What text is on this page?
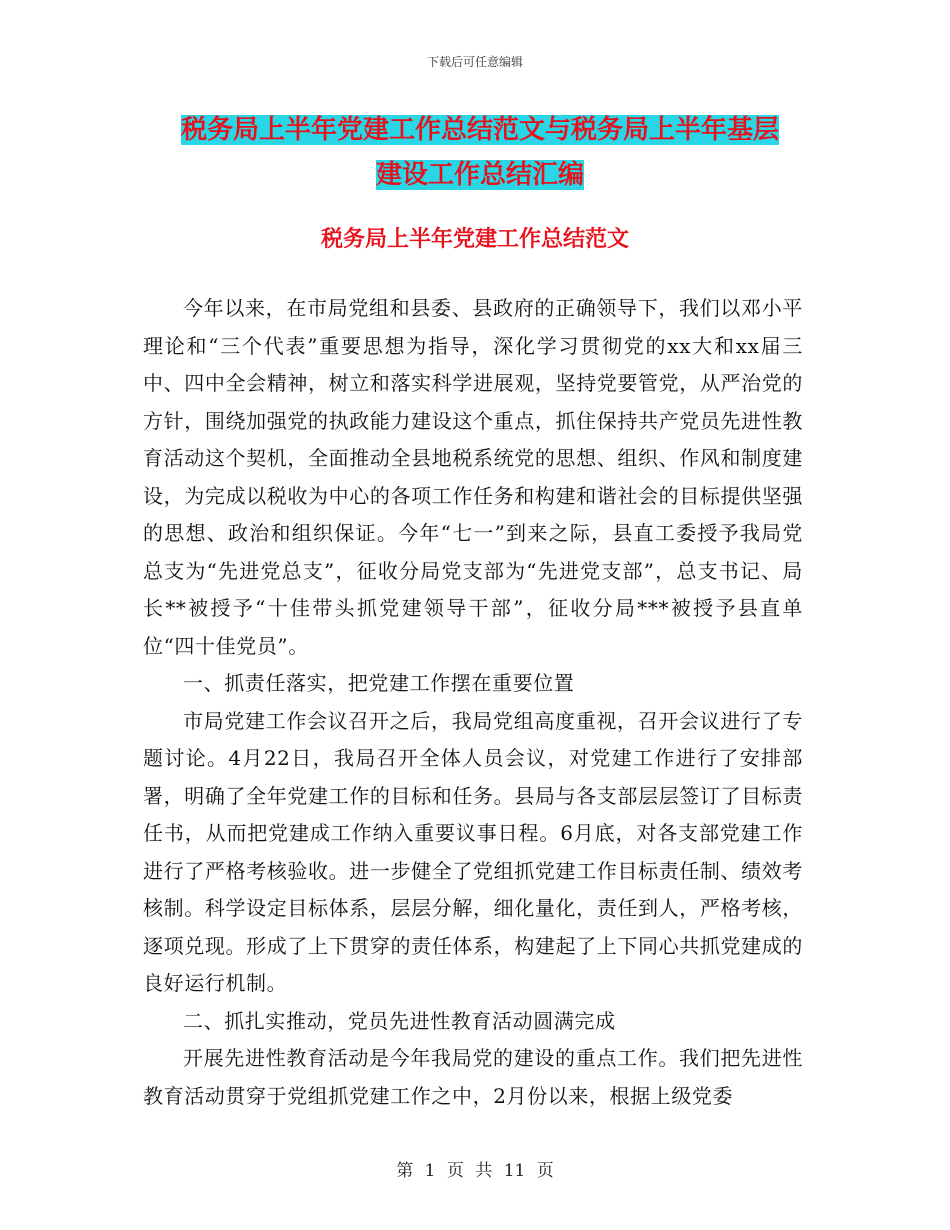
下载后可任意编辑
税务局上半年党建工作总结范文与税务局上半年基层
建设工作总结汇编
税务局上半年党建工作总结范文

今年以来，在市局党组和县委、县政府的正确领导下，我们以邓小平理论和“三个代表”重要思想为指导，深化学习贯彻党的xx大和xx届三中、四中全会精神，树立和落实科学进展观，坚持党要管党，从严治党的方针，围绕加强党的执政能力建设这个重点，抓住保持共产党员先进性教育活动这个契机，全面推动全县地税系统党的思想、组织、作风和制度建设，为完成以税收为中心的各项工作任务和构建和谐社会的目标提供坚强的思想、政治和组织保证。今年“七一”到来之际，县直工委授予我局党总支为“先进党总支”，征收分局党支部为“先进党支部”，总支书记、局长**被授予“十佳带头抓党建领导干部”，征收分局***被授予县直单位“四十佳党员”。

一、抓责任落实，把党建工作摆在重要位置

市局党建工作会议召开之后，我局党组高度重视，召开会议进行了专题讨论。4月22日，我局召开全体人员会议，对党建工作进行了安排部署，明确了全年党建工作的目标和任务。县局与各支部层层签订了目标责任书，从而把党建成工作纳入重要议事日程。6月底，对各支部党建工作进行了严格考核验收。进一步健全了党组抓党建工作目标责任制、绩效考核制。科学设定目标体系，层层分解，细化量化，责任到人，严格考核，逐项兑现。形成了上下贯穿的责任体系，构建起了上下同心共抓党建成的良好运行机制。

二、抓扎实推动，党员先进性教育活动圆满完成

开展先进性教育活动是今年我局党的建设的重点工作。我们把先进性教育活动贯穿于党组抓党建工作之中，2月份以来，根据上级党委

第 1 页 共 11 页
